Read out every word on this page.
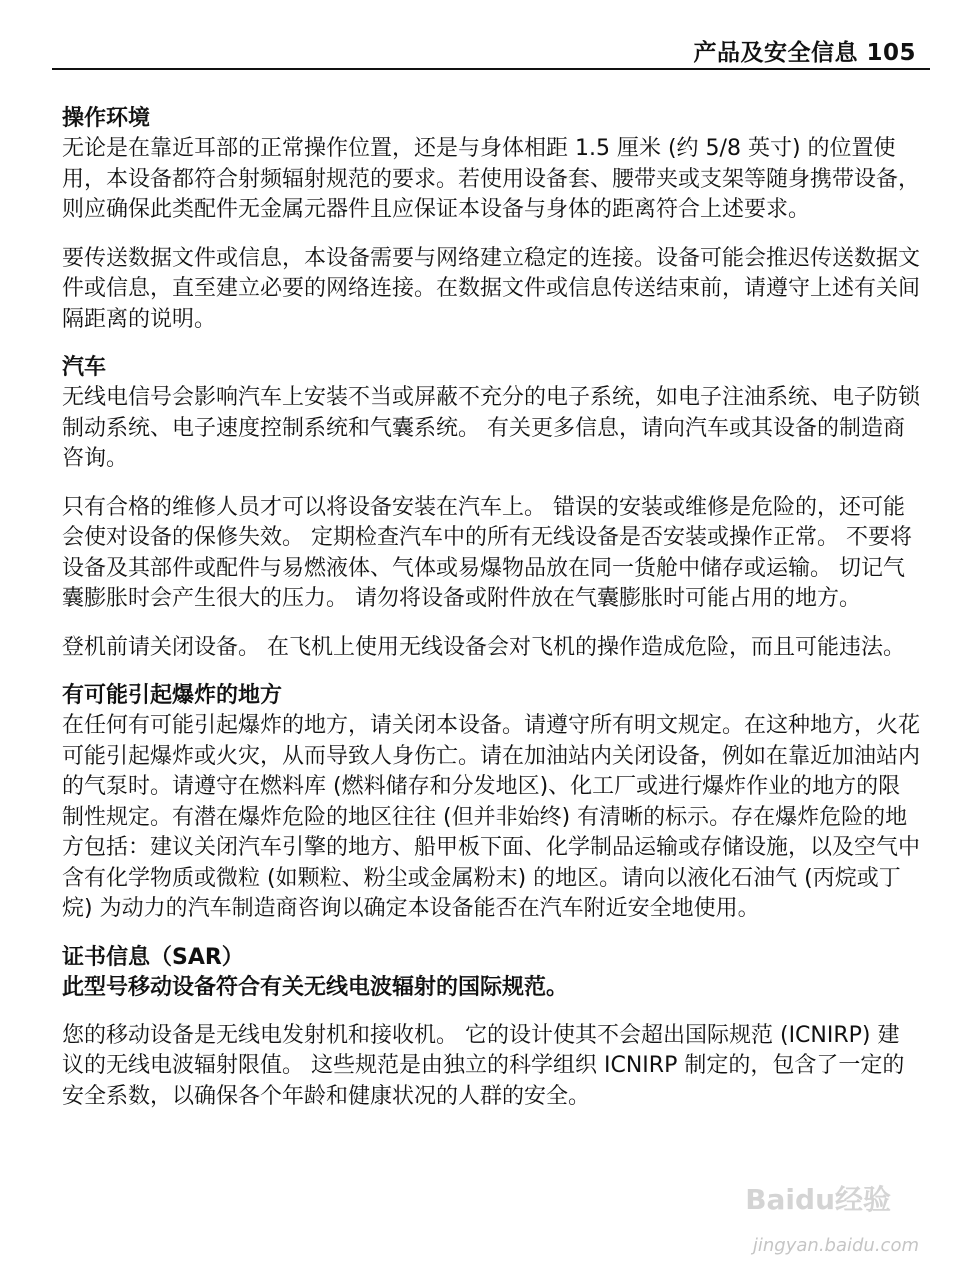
产品及安全信息 105

操作环境

无论是在靠近耳部的正常操作位置，还是与身体相距 1.5 厘米 (约 5/8 英寸) 的位置使用，本设备都符合射频辐射规范的要求。若使用设备套、腰带夹或支架等随身携带设备，则应确保此类配件无金属元器件且应保证本设备与身体的距离符合上述要求。

要传送数据文件或信息，本设备需要与网络建立稳定的连接。设备可能会推迟传送数据文件或信息，直至建立必要的网络连接。在数据文件或信息传送结束前，请遵守上述有关间隔距离的说明。

汽车

无线电信号会影响汽车上安装不当或屏蔽不充分的电子系统，如电子注油系统、电子防锁制动系统、电子速度控制系统和气囊系统。 有关更多信息，请向汽车或其设备的制造商咨询。

只有合格的维修人员才可以将设备安装在汽车上。 错误的安装或维修是危险的，还可能会使对设备的保修失效。 定期检查汽车中的所有无线设备是否安装或操作正常。 不要将设备及其部件或配件与易燃液体、气体或易爆物品放在同一货舱中储存或运输。 切记气囊膨胀时会产生很大的压力。 请勿将设备或附件放在气囊膨胀时可能占用的地方。

登机前请关闭设备。 在飞机上使用无线设备会对飞机的操作造成危险，而且可能违法。

有可能引起爆炸的地方

在任何有可能引起爆炸的地方，请关闭本设备。请遵守所有明文规定。在这种地方，火花可能引起爆炸或火灾，从而导致人身伤亡。请在加油站内关闭设备，例如在靠近加油站内的气泵时。请遵守在燃料库 (燃料储存和分发地区)、化工厂或进行爆炸作业的地方的限制性规定。有潜在爆炸危险的地区往往 (但并非始终) 有清晰的标示。存在爆炸危险的地方包括：建议关闭汽车引擎的地方、船甲板下面、化学制品运输或存储设施，以及空气中含有化学物质或微粒 (如颗粒、粉尘或金属粉末) 的地区。请向以液化石油气 (丙烷或丁烷) 为动力的汽车制造商咨询以确定本设备能否在汽车附近安全地使用。

证书信息（SAR）

此型号移动设备符合有关无线电波辐射的国际规范。

您的移动设备是无线电发射机和接收机。 它的设计使其不会超出国际规范 (ICNIRP) 建议的无线电波辐射限值。 这些规范是由独立的科学组织 ICNIRP 制定的，包含了一定的安全系数，以确保各个年龄和健康状况的人群的安全。

Baidu经验
jingyan.baidu.com
